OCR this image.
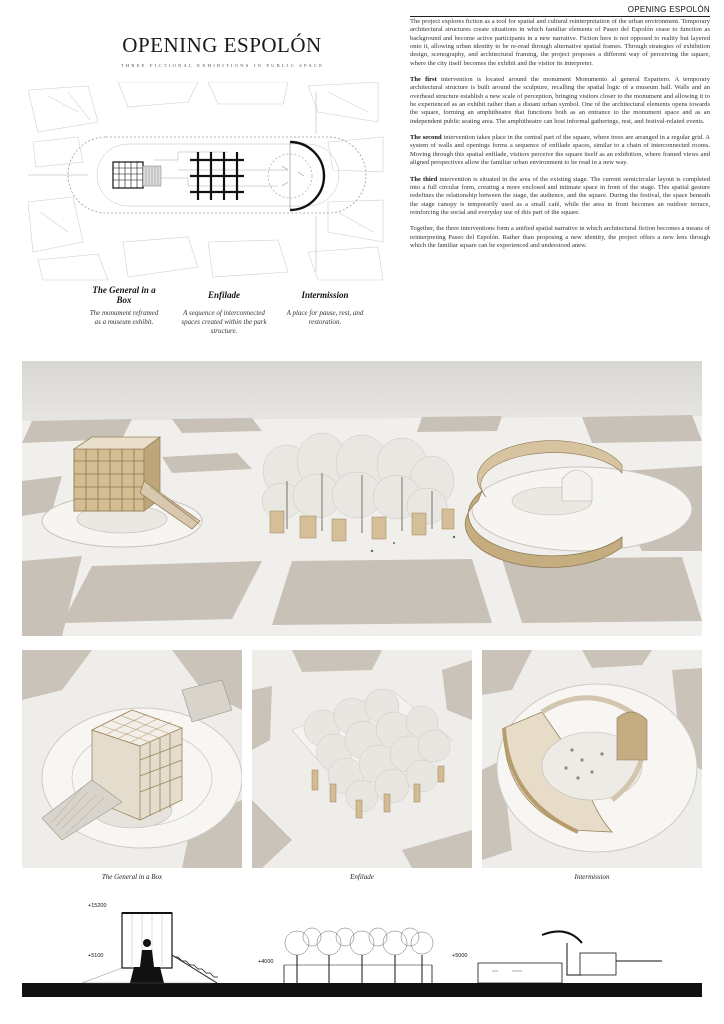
OPENING ESPOLÓN
OPENING ESPOLÓN
THREE FICTIONAL EXHIBITIONS IN PUBLIC SPACE
The General in a Box
The monument reframed as a museum exhibit.
Enfilade
A sequence of interconnected spaces created within the park structure.
Intermission
A place for pause, rest, and restoration.

The project explores fiction as a tool for spatial and cultural reinterpretation of the urban environment. Temporary architectural structures create situations in which familiar elements of Paseo del Espolón cease to function as background and become active participants in a new narrative. Fiction here is not opposed to reality but layered onto it, allowing urban identity to be re-read through alternative spatial frames. Through strategies of exhibition design, scenography, and architectural framing, the project proposes a different way of perceiving the square, where the city itself becomes the exhibit and the visitor its interpreter.

The first intervention is located around the monument Monumento al general Espartero. A temporary architectural structure is built around the sculpture, recalling the spatial logic of a museum hall. Walls and an overhead structure establish a new scale of perception, bringing visitors closer to the monument and allowing it to be experienced as an exhibit rather than a distant urban symbol. One of the architectural elements opens towards the square, forming an amphitheatre that functions both as an entrance to the monument space and as an independent public seating area. The amphitheatre can host informal gatherings, rest, and festival-related events.

The second intervention takes place in the central part of the square, where trees are arranged in a regular grid. A system of walls and openings forms a sequence of enfilade spaces, similar to a chain of interconnected rooms. Moving through this spatial enfilade, visitors perceive the square itself as an exhibition, where framed views and aligned perspectives allow the familiar urban environment to be read in a new way.

The third intervention is situated in the area of the existing stage. The current semicircular layout is completed into a full circular form, creating a more enclosed and intimate space in front of the stage. This spatial gesture redefines the relationship between the stage, the audience, and the square. During the festival, the space beneath the stage canopy is temporarily used as a small café, while the area in front becomes an outdoor terrace, reinforcing the social and everyday use of this part of the square.

Together, the three interventions form a unified spatial narrative in which architectural fiction becomes a means of reinterpreting Paseo del Espolón. Rather than proposing a new identity, the project offers a new lens through which the familiar square can be experienced and understood anew.

The General in a Box	Enfilade	Intermission
+15200
+5100
+4000
+5000
